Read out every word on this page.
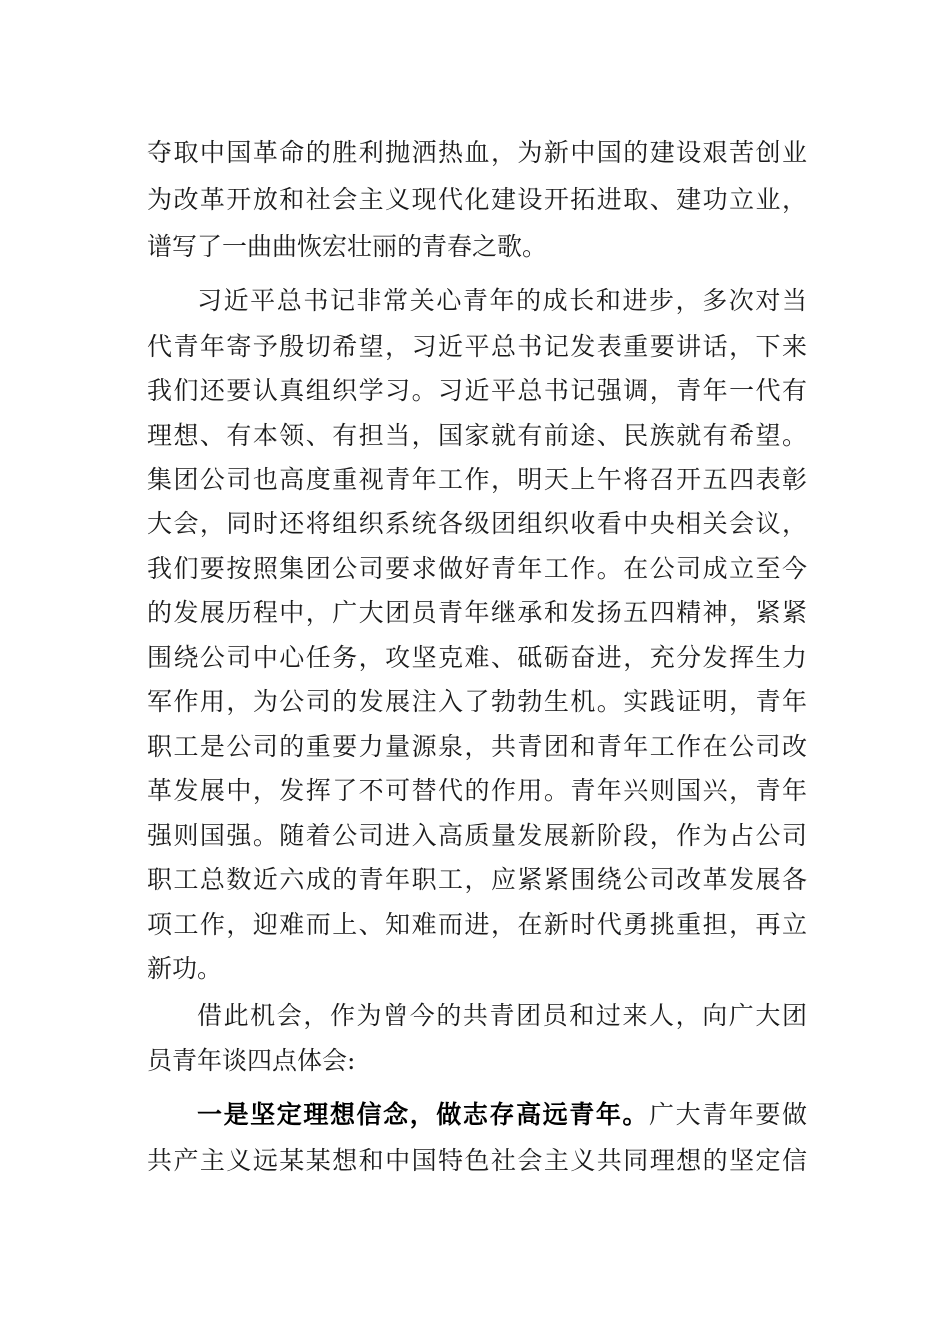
夺取中国革命的胜利抛洒热血，为新中国的建设艰苦创业
为改革开放和社会主义现代化建设开拓进取、建功立业，
谱写了一曲曲恢宏壮丽的青春之歌。
习近平总书记非常关心青年的成长和进步，多次对当
代青年寄予殷切希望，习近平总书记发表重要讲话，下来
我们还要认真组织学习。习近平总书记强调，青年一代有
理想、有本领、有担当，国家就有前途、民族就有希望。
集团公司也高度重视青年工作，明天上午将召开五四表彰
大会，同时还将组织系统各级团组织收看中央相关会议，
我们要按照集团公司要求做好青年工作。在公司成立至今
的发展历程中，广大团员青年继承和发扬五四精神，紧紧
围绕公司中心任务，攻坚克难、砥砺奋进，充分发挥生力
军作用，为公司的发展注入了勃勃生机。实践证明，青年
职工是公司的重要力量源泉，共青团和青年工作在公司改
革发展中，发挥了不可替代的作用。青年兴则国兴，青年
强则国强。随着公司进入高质量发展新阶段，作为占公司
职工总数近六成的青年职工，应紧紧围绕公司改革发展各
项工作，迎难而上、知难而进，在新时代勇挑重担，再立
新功。
借此机会，作为曾今的共青团员和过来人，向广大团
员青年谈四点体会:
一是坚定理想信念，做志存高远青年。广大青年要做
共产主义远某某想和中国特色社会主义共同理想的坚定信
